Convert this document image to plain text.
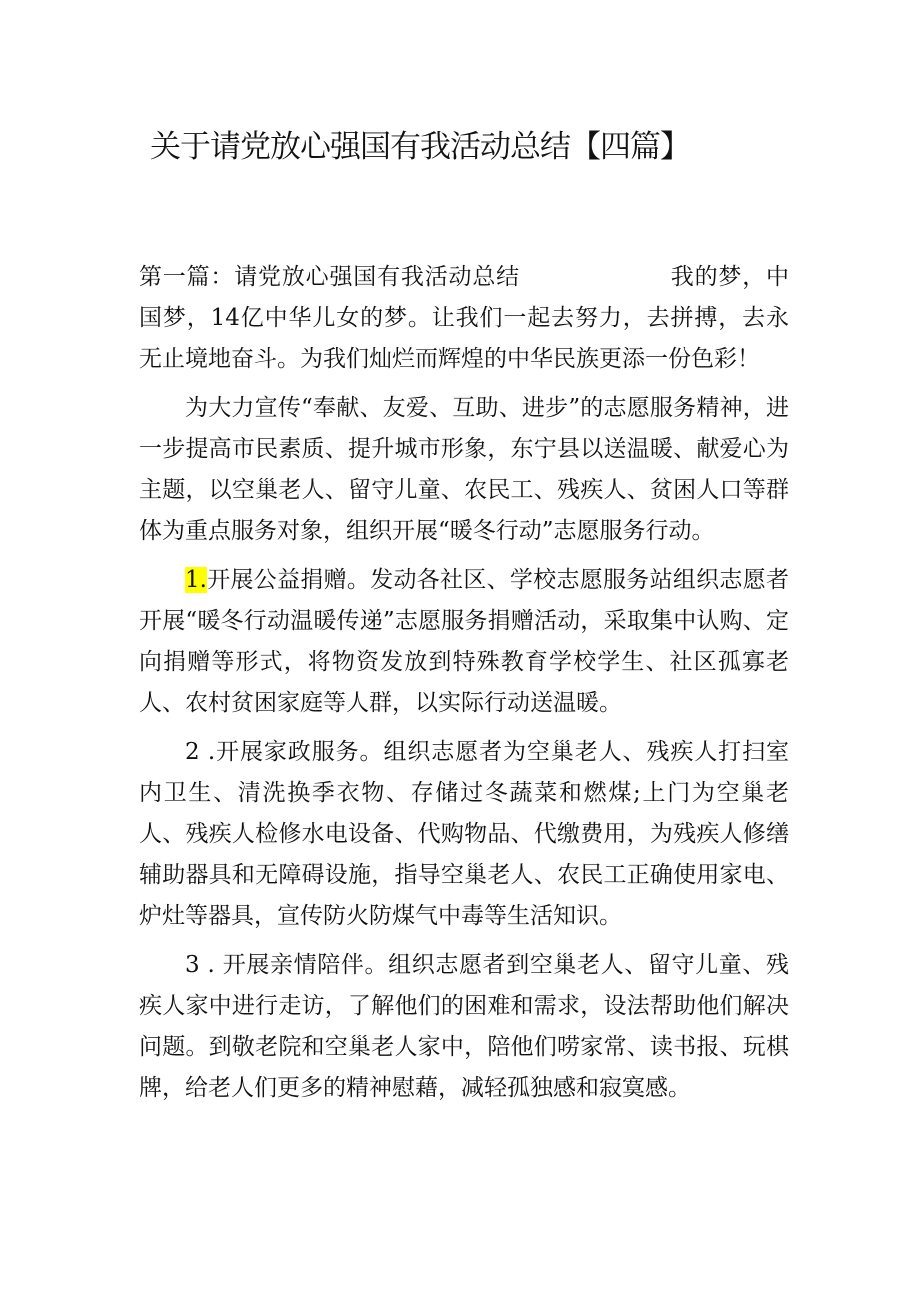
关于请党放心强国有我活动总结【四篇】

第一篇：请党放心强国有我活动总结	我的梦，中国梦，14亿中华儿女的梦。让我们一起去努力，去拼搏，去永无止境地奋斗。为我们灿烂而辉煌的中华民族更添一份色彩！

为大力宣传“奉献、友爱、互助、进步”的志愿服务精神，进一步提高市民素质、提升城市形象，东宁县以送温暖、献爱心为主题，以空巢老人、留守儿童、农民工、残疾人、贫困人口等群体为重点服务对象，组织开展“暖冬行动”志愿服务行动。

1.开展公益捐赠。发动各社区、学校志愿服务站组织志愿者开展“暖冬行动温暖传递”志愿服务捐赠活动，采取集中认购、定向捐赠等形式，将物资发放到特殊教育学校学生、社区孤寡老人、农村贫困家庭等人群，以实际行动送温暖。

2 .开展家政服务。组织志愿者为空巢老人、残疾人打扫室内卫生、清洗换季衣物、存储过冬蔬菜和燃煤;上门为空巢老人、残疾人检修水电设备、代购物品、代缴费用，为残疾人修缮辅助器具和无障碍设施，指导空巢老人、农民工正确使用家电、炉灶等器具，宣传防火防煤气中毒等生活知识。

3 . 开展亲情陪伴。组织志愿者到空巢老人、留守儿童、残疾人家中进行走访，了解他们的困难和需求，设法帮助他们解决问题。到敬老院和空巢老人家中，陪他们唠家常、读书报、玩棋牌，给老人们更多的精神慰藉，减轻孤独感和寂寞感。
